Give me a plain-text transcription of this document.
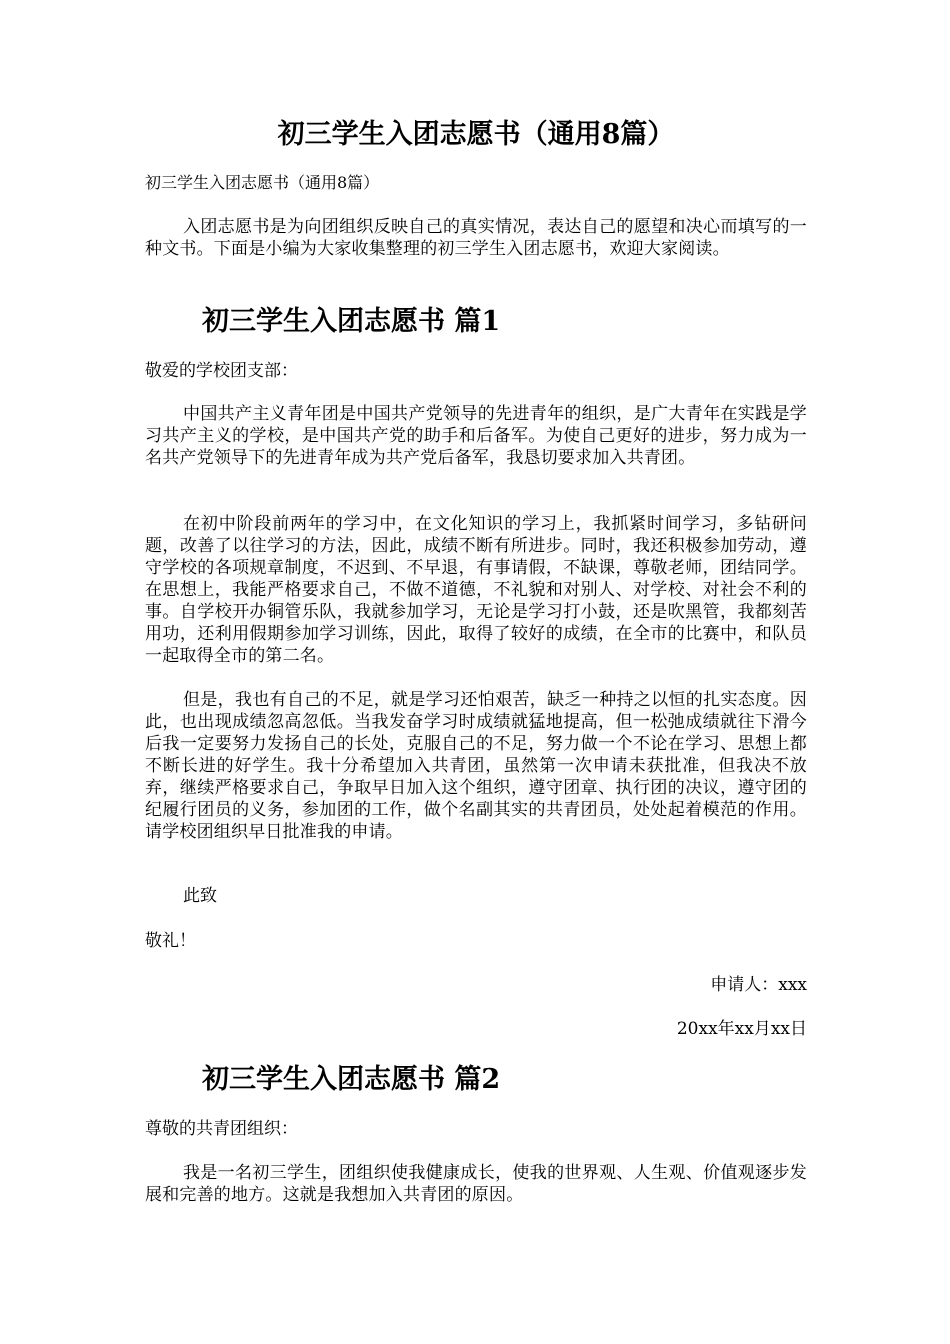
初三学生入团志愿书（通用8篇）

初三学生入团志愿书（通用8篇）

入团志愿书是为向团组织反映自己的真实情况，表达自己的愿望和决心而填写的一种文书。下面是小编为大家收集整理的初三学生入团志愿书，欢迎大家阅读。

初三学生入团志愿书 篇1

敬爱的学校团支部：

中国共产主义青年团是中国共产党领导的先进青年的组织，是广大青年在实践是学习共产主义的学校，是中国共产党的助手和后备军。为使自己更好的进步，努力成为一名共产党领导下的先进青年成为共产党后备军，我恳切要求加入共青团。

在初中阶段前两年的学习中，在文化知识的学习上，我抓紧时间学习，多钻研问题，改善了以往学习的方法，因此，成绩不断有所进步。同时，我还积极参加劳动，遵守学校的各项规章制度，不迟到、不早退，有事请假，不缺课，尊敬老师，团结同学。在思想上，我能严格要求自己，不做不道德，不礼貌和对别人、对学校、对社会不利的事。自学校开办铜管乐队，我就参加学习，无论是学习打小鼓，还是吹黑管，我都刻苦用功，还利用假期参加学习训练，因此，取得了较好的成绩，在全市的比赛中，和队员一起取得全市的第二名。

但是，我也有自己的不足，就是学习还怕艰苦，缺乏一种持之以恒的扎实态度。因此，也出现成绩忽高忽低。当我发奋学习时成绩就猛地提高，但一松弛成绩就往下滑今后我一定要努力发扬自己的长处，克服自己的不足，努力做一个不论在学习、思想上都不断长进的好学生。我十分希望加入共青团，虽然第一次申请未获批准，但我决不放弃，继续严格要求自己，争取早日加入这个组织，遵守团章、执行团的决议，遵守团的纪履行团员的义务，参加团的工作，做个名副其实的共青团员，处处起着模范的作用。请学校团组织早日批准我的申请。

此致

敬礼！

申请人：xxx

20xx年xx月xx日

初三学生入团志愿书 篇2

尊敬的共青团组织：

我是一名初三学生，团组织使我健康成长，使我的世界观、人生观、价值观逐步发展和完善的地方。这就是我想加入共青团的原因。
